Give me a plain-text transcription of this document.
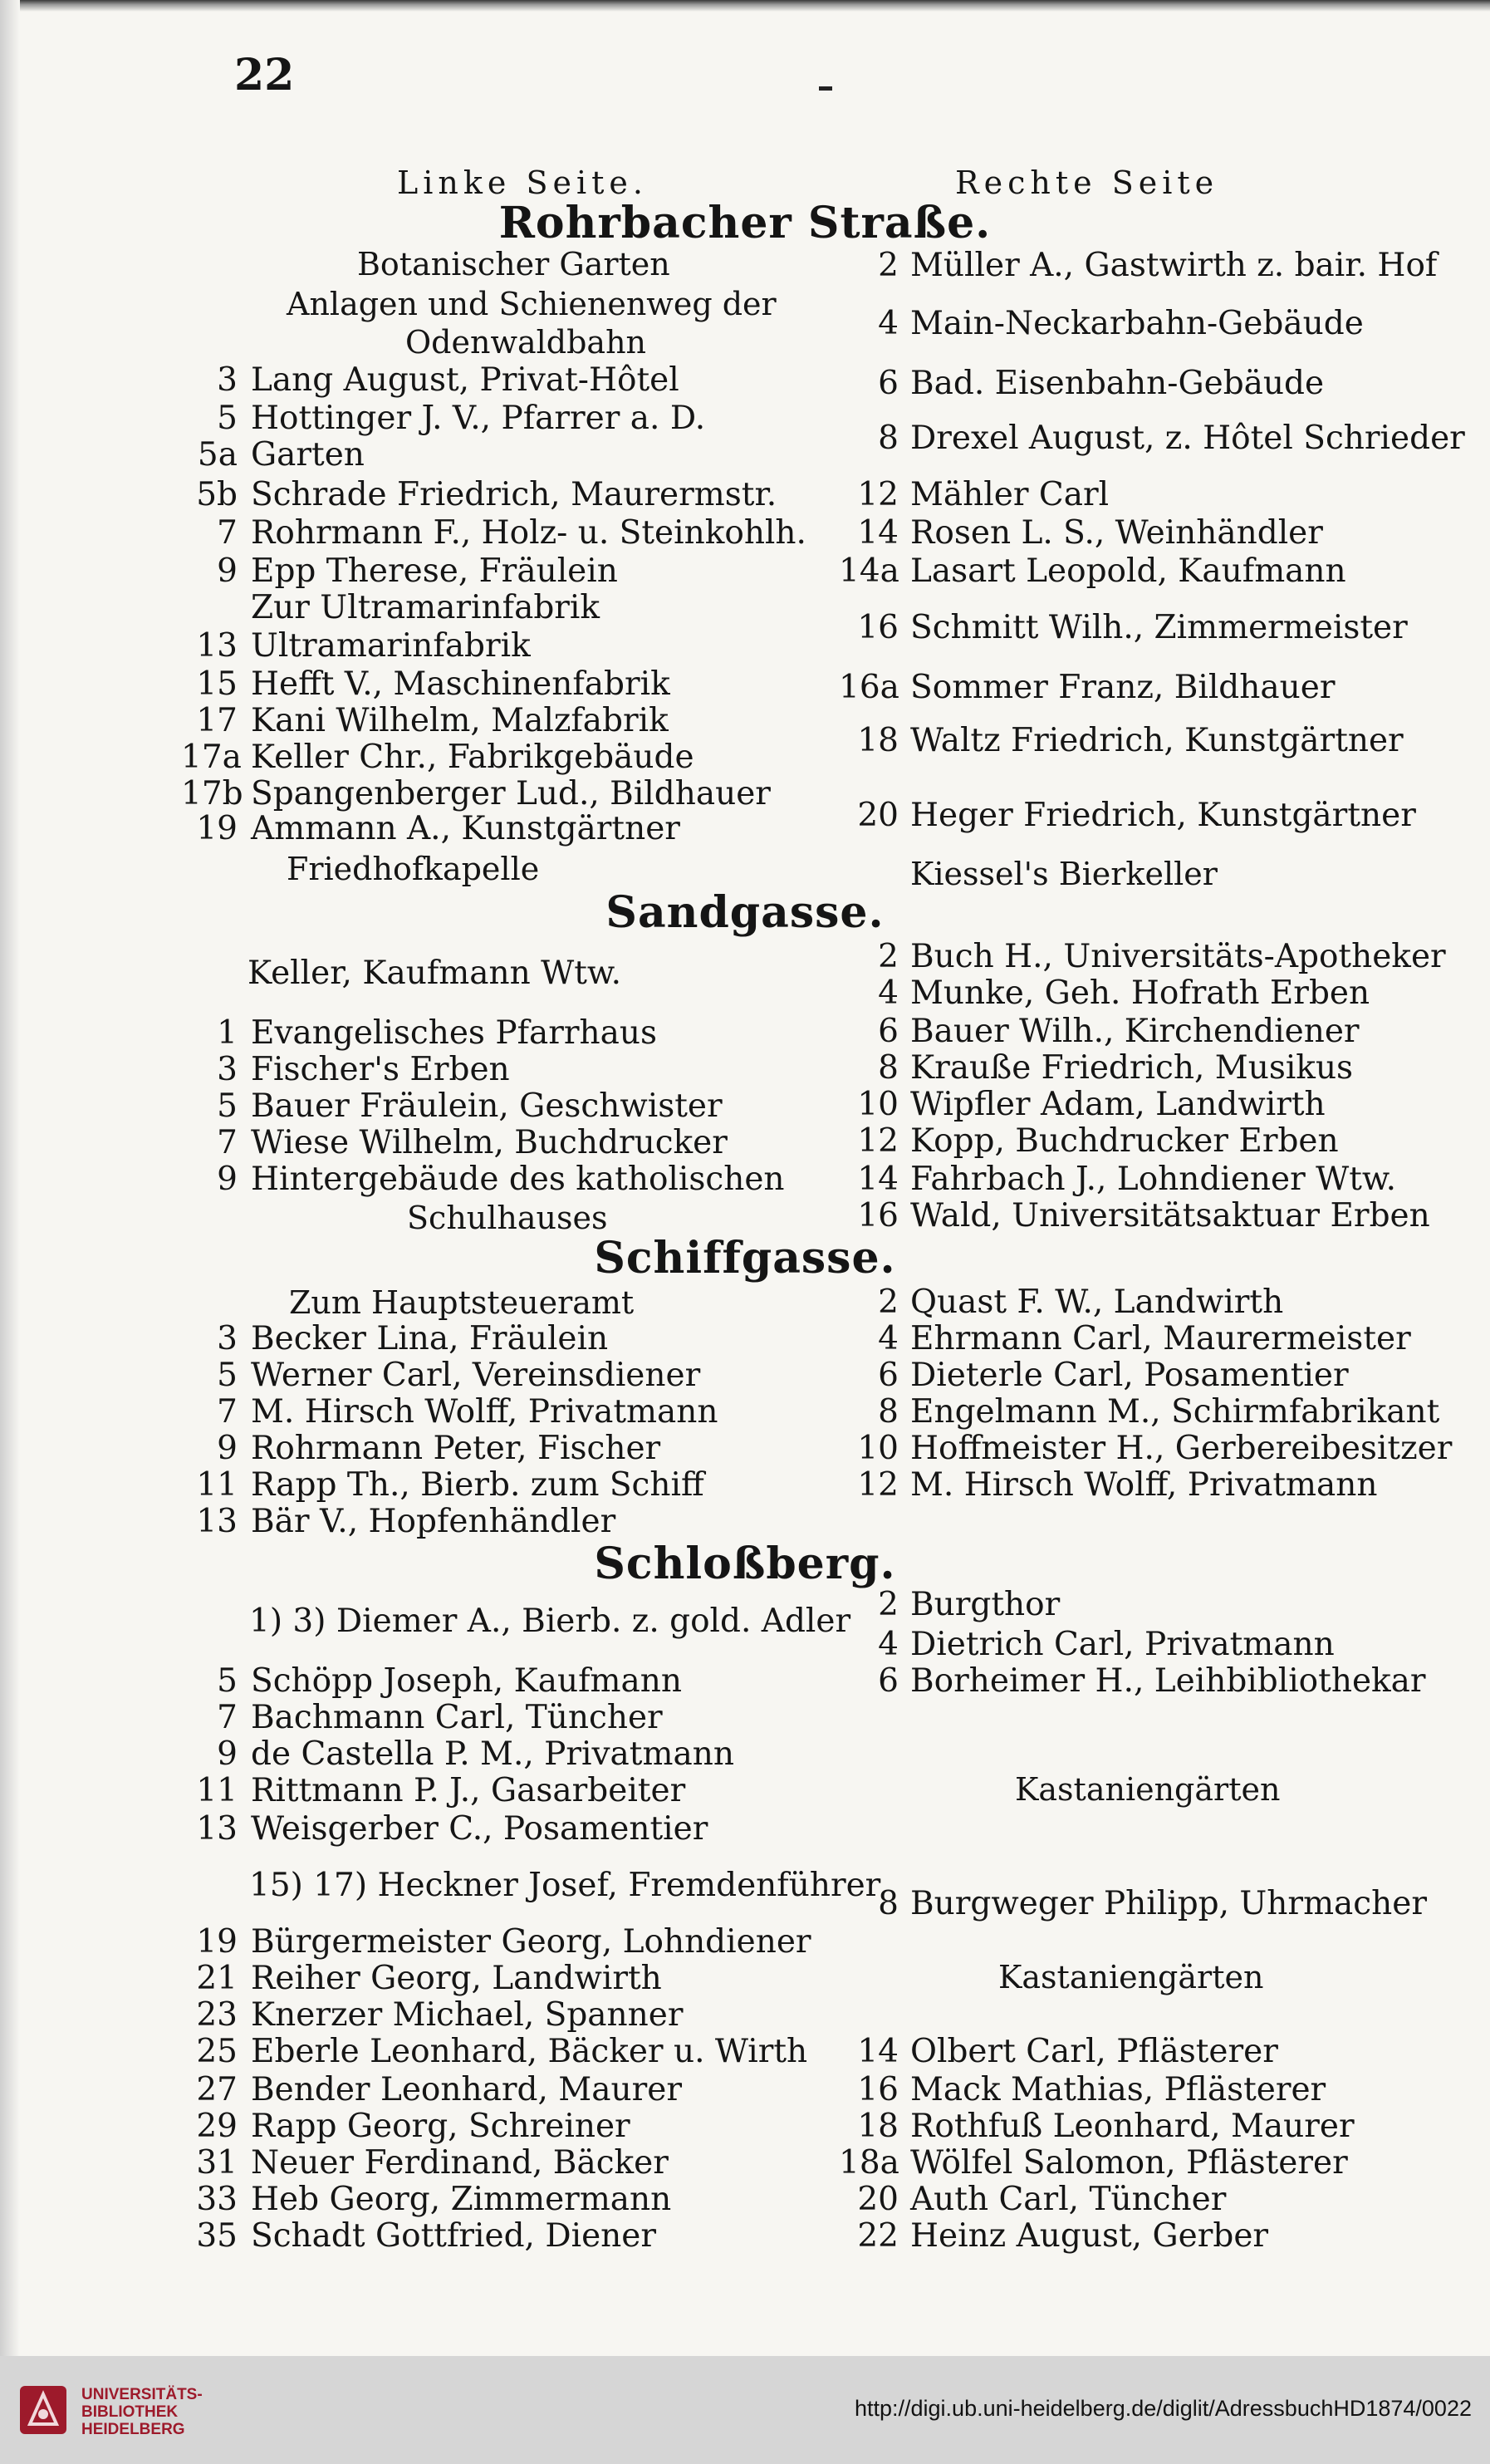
22
Linke Seite.	Rechte Seite
Rohrbacher Straße.
Botanischer Garten
Anlagen und Schienenweg der
Odenwaldbahn
3 Lang August, Privat-Hôtel
5 Hottinger J. V., Pfarrer a. D.
5a Garten
5b Schrade Friedrich, Maurermstr.
7 Rohrmann F., Holz- u. Steinkohlh.
9 Epp Therese, Fräulein
Zur Ultramarinfabrik
13 Ultramarinfabrik
15 Hefft V., Maschinenfabrik
17 Kani Wilhelm, Malzfabrik
17a Keller Chr., Fabrikgebäude
17b Spangenberger Lud., Bildhauer
19 Ammann A., Kunstgärtner
Friedhofkapelle
2 Müller A., Gastwirth z. bair. Hof
4 Main-Neckarbahn-Gebäude
6 Bad. Eisenbahn-Gebäude
8 Drexel August, z. Hôtel Schrieder
12 Mähler Carl
14 Rosen L. S., Weinhändler
14a Lasart Leopold, Kaufmann
16 Schmitt Wilh., Zimmermeister
16a Sommer Franz, Bildhauer
18 Waltz Friedrich, Kunstgärtner
20 Heger Friedrich, Kunstgärtner
Kiessel's Bierkeller
Sandgasse.
Keller, Kaufmann Wtw.
1 Evangelisches Pfarrhaus
3 Fischer's Erben
5 Bauer Fräulein, Geschwister
7 Wiese Wilhelm, Buchdrucker
9 Hintergebäude des katholischen
Schulhauses
2 Buch H., Universitäts-Apotheker
4 Munke, Geh. Hofrath Erben
6 Bauer Wilh., Kirchendiener
8 Krauße Friedrich, Musikus
10 Wipfler Adam, Landwirth
12 Kopp, Buchdrucker Erben
14 Fahrbach J., Lohndiener Wtw.
16 Wald, Universitätsaktuar Erben
Schiffgasse.
Zum Hauptsteueramt
3 Becker Lina, Fräulein
5 Werner Carl, Vereinsdiener
7 M. Hirsch Wolff, Privatmann
9 Rohrmann Peter, Fischer
11 Rapp Th., Bierb. zum Schiff
13 Bär V., Hopfenhändler
2 Quast F. W., Landwirth
4 Ehrmann Carl, Maurermeister
6 Dieterle Carl, Posamentier
8 Engelmann M., Schirmfabrikant
10 Hoffmeister H., Gerbereibesitzer
12 M. Hirsch Wolff, Privatmann
Schloßberg.
1) 3) Diemer A., Bierb. z. gold. Adler
5 Schöpp Joseph, Kaufmann
7 Bachmann Carl, Tüncher
9 de Castella P. M., Privatmann
11 Rittmann P. J., Gasarbeiter
13 Weisgerber C., Posamentier
15) 17) Heckner Josef, Fremdenführer
19 Bürgermeister Georg, Lohndiener
21 Reiher Georg, Landwirth
23 Knerzer Michael, Spanner
25 Eberle Leonhard, Bäcker u. Wirth
27 Bender Leonhard, Maurer
29 Rapp Georg, Schreiner
31 Neuer Ferdinand, Bäcker
33 Heb Georg, Zimmermann
35 Schadt Gottfried, Diener
2 Burgthor
4 Dietrich Carl, Privatmann
6 Borheimer H., Leihbibliothekar
Kastaniengärten
8 Burgweger Philipp, Uhrmacher
Kastaniengärten
14 Olbert Carl, Pflästerer
16 Mack Mathias, Pflästerer
18 Rothfuß Leonhard, Maurer
18a Wölfel Salomon, Pflästerer
20 Auth Carl, Tüncher
22 Heinz August, Gerber
UNIVERSITÄTS-
BIBLIOTHEK
HEIDELBERG
http://digi.ub.uni-heidelberg.de/diglit/AdressbuchHD1874/0022
